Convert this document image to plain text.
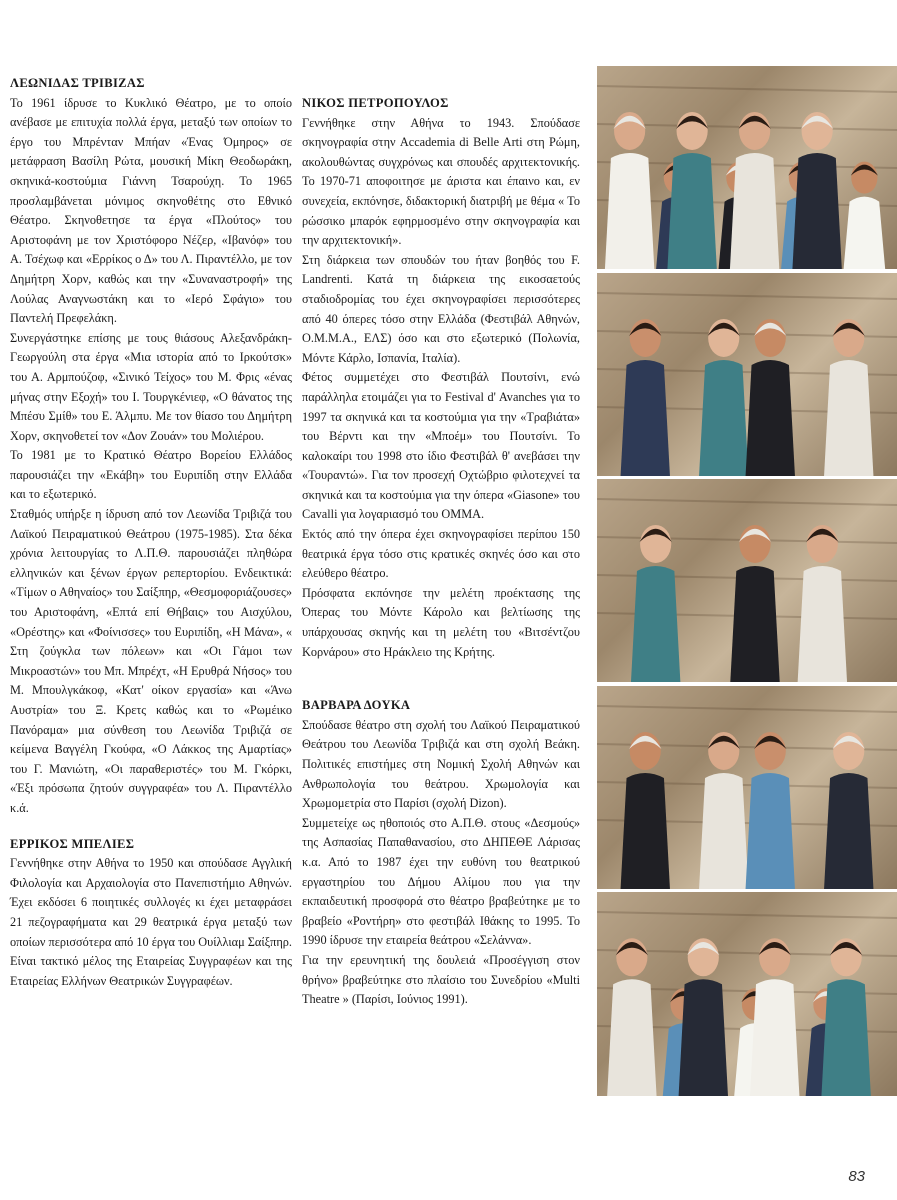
ΛΕΩΝΙΔΑΣ ΤΡΙΒΙΖΑΣ

Το 1961 ίδρυσε το Κυκλικό Θέατρο, με το οποίο ανέβασε με επιτυχία πολλά έργα, μεταξύ των οποίων το έργο του Μπρένταν Μπήαν «Ένας Όμηρος» σε μετάφραση Βασίλη Ρώτα, μουσική Μίκη Θεοδωράκη, σκηνικά-κοστούμια Γιάννη Τσαρούχη. Το 1965 προσλαμβάνεται μόνιμος σκηνοθέτης στο Εθνικό Θέατρο. Σκηνοθετησε τα έργα «Πλούτος» του Αριστοφάνη με τον Χριστόφορο Νέζερ, «Ιβανόφ» του Α. Τσέχωφ και «Ερρίκος ο Δ» του Λ. Πιραντέλλο, με τον Δημήτρη Χορν, καθώς και την «Συναναστροφή» της Λούλας Αναγνωστάκη και το «Ιερό Σφάγιο» του Παντελή Πρεφελάκη.

Συνεργάστηκε επίσης με τους θιάσους Αλεξανδράκη-Γεωργούλη στα έργα «Μια ιστορία από το Ιρκούτσκ» του Α. Αρμπούζοφ, «Σινικό Τείχος» του Μ. Φρις «ένας μήνας στην Εξοχή» του Ι. Τουργκένιεφ, «Ο θάνατος της Μπέσυ Σμίθ» του Ε. Άλμπυ. Με τον θίασο του Δημήτρη Χορν, σκηνοθετεί τον «Δον Ζουάν» του Μολιέρου.

Το 1981 με το Κρατικό Θέατρο Βορείου Ελλάδος παρουσιάζει την «Εκάβη» του Ευριπίδη στην Ελλάδα και το εξωτερικό.

Σταθμός υπήρξε η ίδρυση από τον Λεωνίδα Τριβιζά του Λαϊκού Πειραματικού Θεάτρου (1975-1985). Στα δέκα χρόνια λειτουργίας το Λ.Π.Θ. παρουσιάζει πληθώρα ελληνικών και ξένων έργων ρεπερτορίου. Ενδεικτικά: «Τίμων ο Αθηναίος» του Σαίξπηρ, «Θεσμοφοριάζουσες» του Αριστοφάνη, «Επτά επί Θήβαις» του Αισχύλου, «Ορέστης» και «Φοίνισσες» του Ευριπίδη, «Η Μάνα», « Στη ζούγκλα των πόλεων» και «Οι Γάμοι των Μικροαστών» του Μπ. Μπρέχτ, «Η Ερυθρά Νήσος» του Μ. Μπουλγκάκοφ, «Κατ' οίκον εργασία» και «Άνω Αυστρία» του Ξ. Κρετς καθώς και το «Ρωμέικο Πανόραμα» μια σύνθεση του Λεωνίδα Τριβιζά σε κείμενα Βαγγέλη Γκούφα, «Ο Λάκκος της Αμαρτίας» του Γ. Μανιώτη, «Οι παραθεριστές» του Μ. Γκόρκι, «Έξι πρόσωπα ζητούν συγγραφέα» του Λ. Πιραντέλλο κ.ά.

ΕΡΡΙΚΟΣ ΜΠΕΛΙΕΣ

Γεννήθηκε στην Αθήνα το 1950 και σπούδασε Αγγλική Φιλολογία και Αρχαιολογία στο Πανεπιστήμιο Αθηνών. Έχει εκδόσει 6 ποιητικές συλλογές κι έχει μεταφράσει 21 πεζογραφήματα και 29 θεατρικά έργα μεταξύ των οποίων περισσότερα από 10 έργα του Ουίλλιαμ Σαίξπηρ.

Είναι τακτικό μέλος της Εταιρείας Συγγραφέων και της Εταιρείας Ελλήνων Θεατρικών Συγγραφέων.

ΝΙΚΟΣ ΠΕΤΡΟΠΟΥΛΟΣ

Γεννήθηκε στην Αθήνα το 1943. Σπούδασε σκηνογραφία στην Accademia di Belle Arti στη Ρώμη, ακολουθώντας συγχρόνως και σπουδές αρχιτεκτονικής. Το 1970-71 αποφοιτησε με άριστα και έπαινο και, εν συνεχεία, εκπόνησε, διδακτορική διατριβή με θέμα « Το ρώσσικο μπαρόκ εφηρμοσμένο στην σκηνογραφία και την αρχιτεκτονική».

Στη διάρκεια των σπουδών του ήταν βοηθός του F. Landrenti. Κατά τη διάρκεια της εικοσαετούς σταδιοδρομίας του έχει σκηνογραφίσει περισσότερες από 40 όπερες τόσο στην Ελλάδα (Φεστιβάλ Αθηνών, Ο.Μ.Μ.Α., ΕΛΣ) όσο και στο εξωτερικό (Πολωνία, Μόντε Κάρλο, Ισπανία, Ιταλία).

Φέτος συμμετέχει στο Φεστιβάλ Πουτσίνι, ενώ παράλληλα ετοιμάζει για το Festival d' Avanches για το 1997 τα σκηνικά και τα κοστούμια για την «Τραβιάτα» του Βέρντι και την «Μποέμ» του Πουτσίνι. Το καλοκαίρι του 1998 στο ίδιο Φεστιβάλ θ' ανεβάσει την «Τουραντώ». Για τον προσεχή Οχτώβριο φιλοτεχνεί τα σκηνικά και τα κοστούμια για την όπερα «Giasone» του Cavalli για λογαριασμό του ΟΜΜΑ.

Εκτός από την όπερα έχει σκηνογραφίσει περίπου 150 θεατρικά έργα τόσο στις κρατικές σκηνές όσο και στο ελεύθερο θέατρο.

Πρόσφατα εκπόνησε την μελέτη προέκτασης της Όπερας του Μόντε Κάρολο και βελτίωσης της υπάρχουσας σκηνής και τη μελέτη του «Βιτσέντζου Κορνάρου» στο Ηράκλειο της Κρήτης.

ΒΑΡΒΑΡΑ ΔΟΥΚΑ

Σπούδασε θέατρο στη σχολή του Λαϊκού Πειραματικού Θεάτρου του Λεωνίδα Τριβιζά και στη σχολή Βεάκη. Πολιτικές επιστήμες στη Νομική Σχολή Αθηνών και Ανθρωπολογία του θεάτρου. Χρωμολογία και Χρωμομετρία στο Παρίσι (σχολή Dizon).

Συμμετείχε ως ηθοποιός στο Α.Π.Θ. στους «Δεσμούς» της Ασπασίας Παπαθανασίου, στο ΔΗΠΕΘΕ Λάρισας κ.α. Από το 1987 έχει την ευθύνη του θεατρικού εργαστηρίου του Δήμου Αλίμου που για την εκπαιδευτική προσφορά στο θέατρο βραβεύτηκε με το βραβείο «Ροντήρη» στο φεστιβάλ Ιθάκης το 1995. Το 1990 ίδρυσε την εταιρεία θεάτρου «Σελάννα».

Για την ερευνητική της δουλειά «Προσέγγιση στον θρήνο» βραβεύτηκε στο πλαίσιο του Συνεδρίου «Multi Theatre » (Παρίσι, Ιούνιος 1991).

83
